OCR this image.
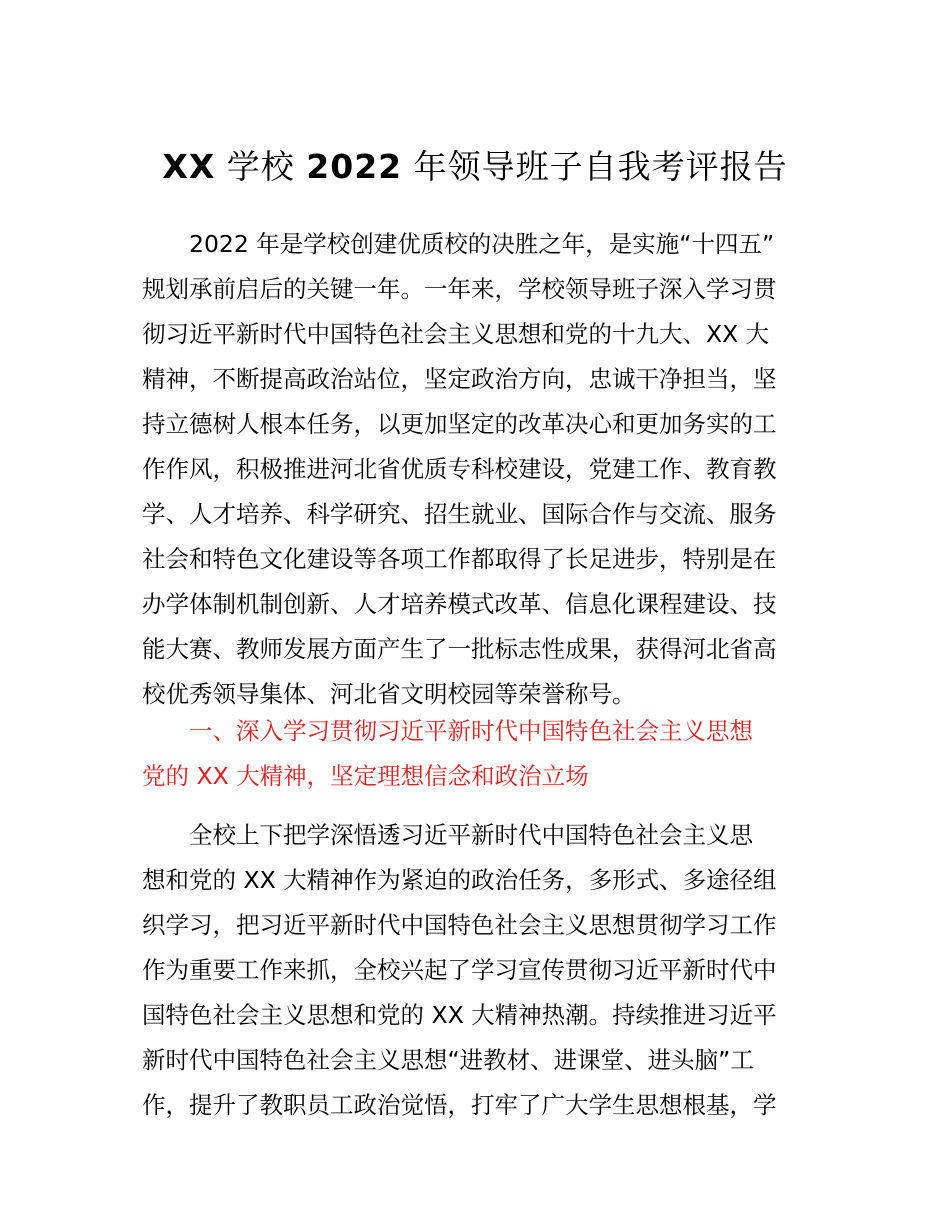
XX 学校 2022 年领导班子自我考评报告
2022 年是学校创建优质校的决胜之年，是实施“十四五”
规划承前启后的关键一年。一年来，学校领导班子深入学习贯
彻习近平新时代中国特色社会主义思想和党的十九大、XX 大
精神，不断提高政治站位，坚定政治方向，忠诚干净担当，坚
持立德树人根本任务，以更加坚定的改革决心和更加务实的工
作作风，积极推进河北省优质专科校建设，党建工作、教育教
学、人才培养、科学研究、招生就业、国际合作与交流、服务
社会和特色文化建设等各项工作都取得了长足进步，特别是在
办学体制机制创新、人才培养模式改革、信息化课程建设、技
能大赛、教师发展方面产生了一批标志性成果，获得河北省高
校优秀领导集体、河北省文明校园等荣誉称号。
一、深入学习贯彻习近平新时代中国特色社会主义思想
党的 XX 大精神，坚定理想信念和政治立场
全校上下把学深悟透习近平新时代中国特色社会主义思
想和党的 XX 大精神作为紧迫的政治任务，多形式、多途径组
织学习，把习近平新时代中国特色社会主义思想贯彻学习工作
作为重要工作来抓，全校兴起了学习宣传贯彻习近平新时代中
国特色社会主义思想和党的 XX 大精神热潮。持续推进习近平
新时代中国特色社会主义思想“进教材、进课堂、进头脑”工
作，提升了教职员工政治觉悟，打牢了广大学生思想根基，学
